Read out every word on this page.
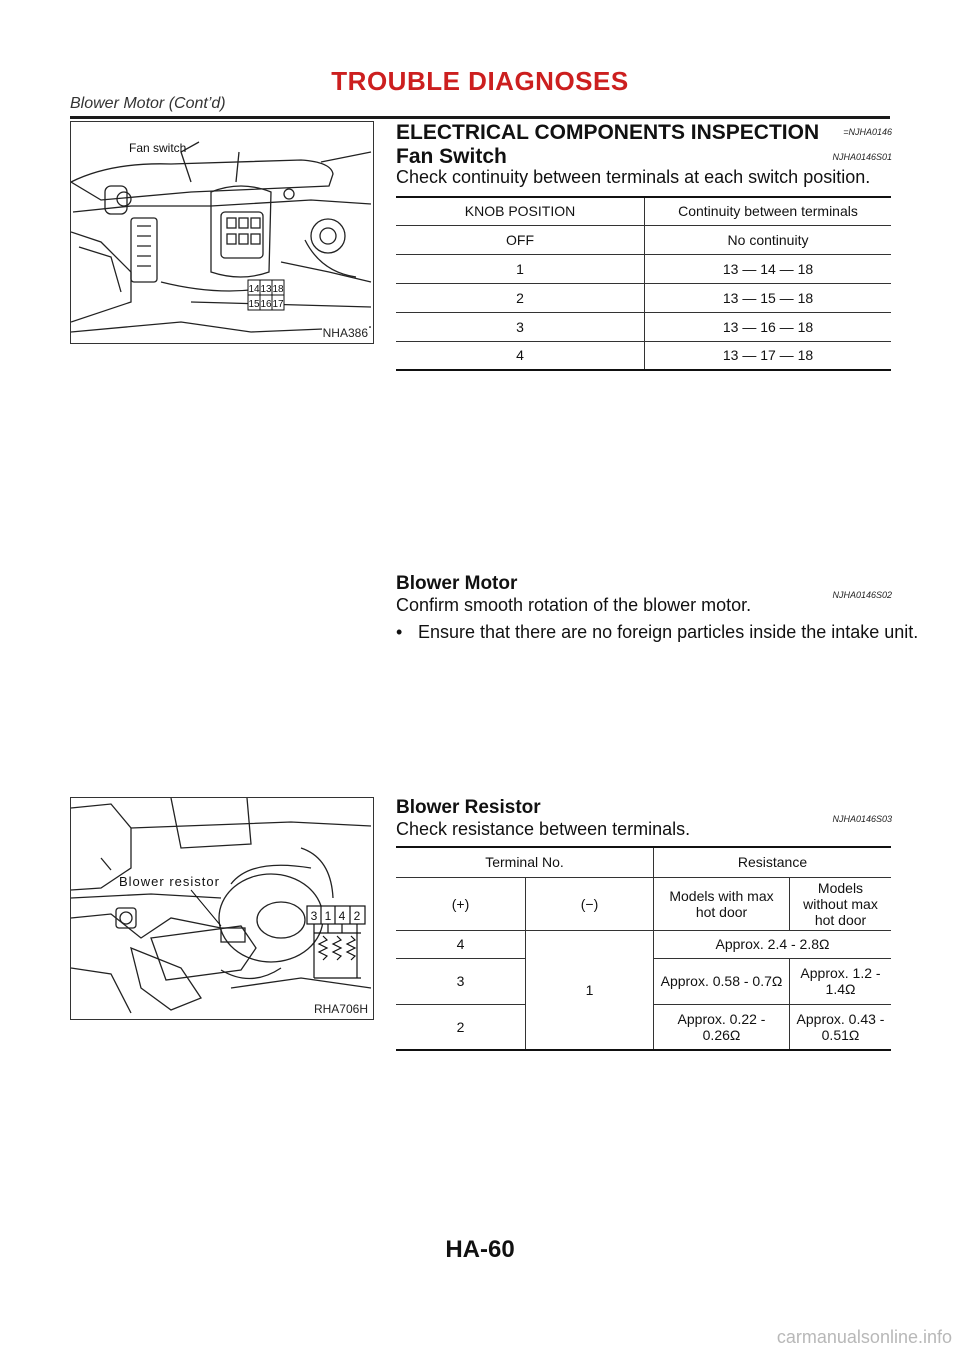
TROUBLE DIAGNOSES
Blower Motor (Cont’d)
Fan switch
14 13 18
15 16 17
NHA386
ELECTRICAL COMPONENTS INSPECTION	=NJHA0146
Fan Switch	NJHA0146S01
Check continuity between terminals at each switch position.
KNOB POSITION	Continuity between terminals
OFF	No continuity
1	13 — 14 — 18
2	13 — 15 — 18
3	13 — 16 — 18
4	13 — 17 — 18
Blower Motor
NJHA0146S02
Confirm smooth rotation of the blower motor.
• Ensure that there are no foreign particles inside the intake unit.
Blower resistor
3 1 4 2
RHA706H
Blower Resistor
NJHA0146S03
Check resistance between terminals.
Terminal No.		Resistance	
(+)	(−)	Models with max hot door	Models without max hot door
4	1	Approx. 2.4 - 2.8Ω	
3		Approx. 0.58 - 0.7Ω	Approx. 1.2 - 1.4Ω
2		Approx. 0.22 - 0.26Ω	Approx. 0.43 - 0.51Ω
HA-60
carmanualsonline.info
